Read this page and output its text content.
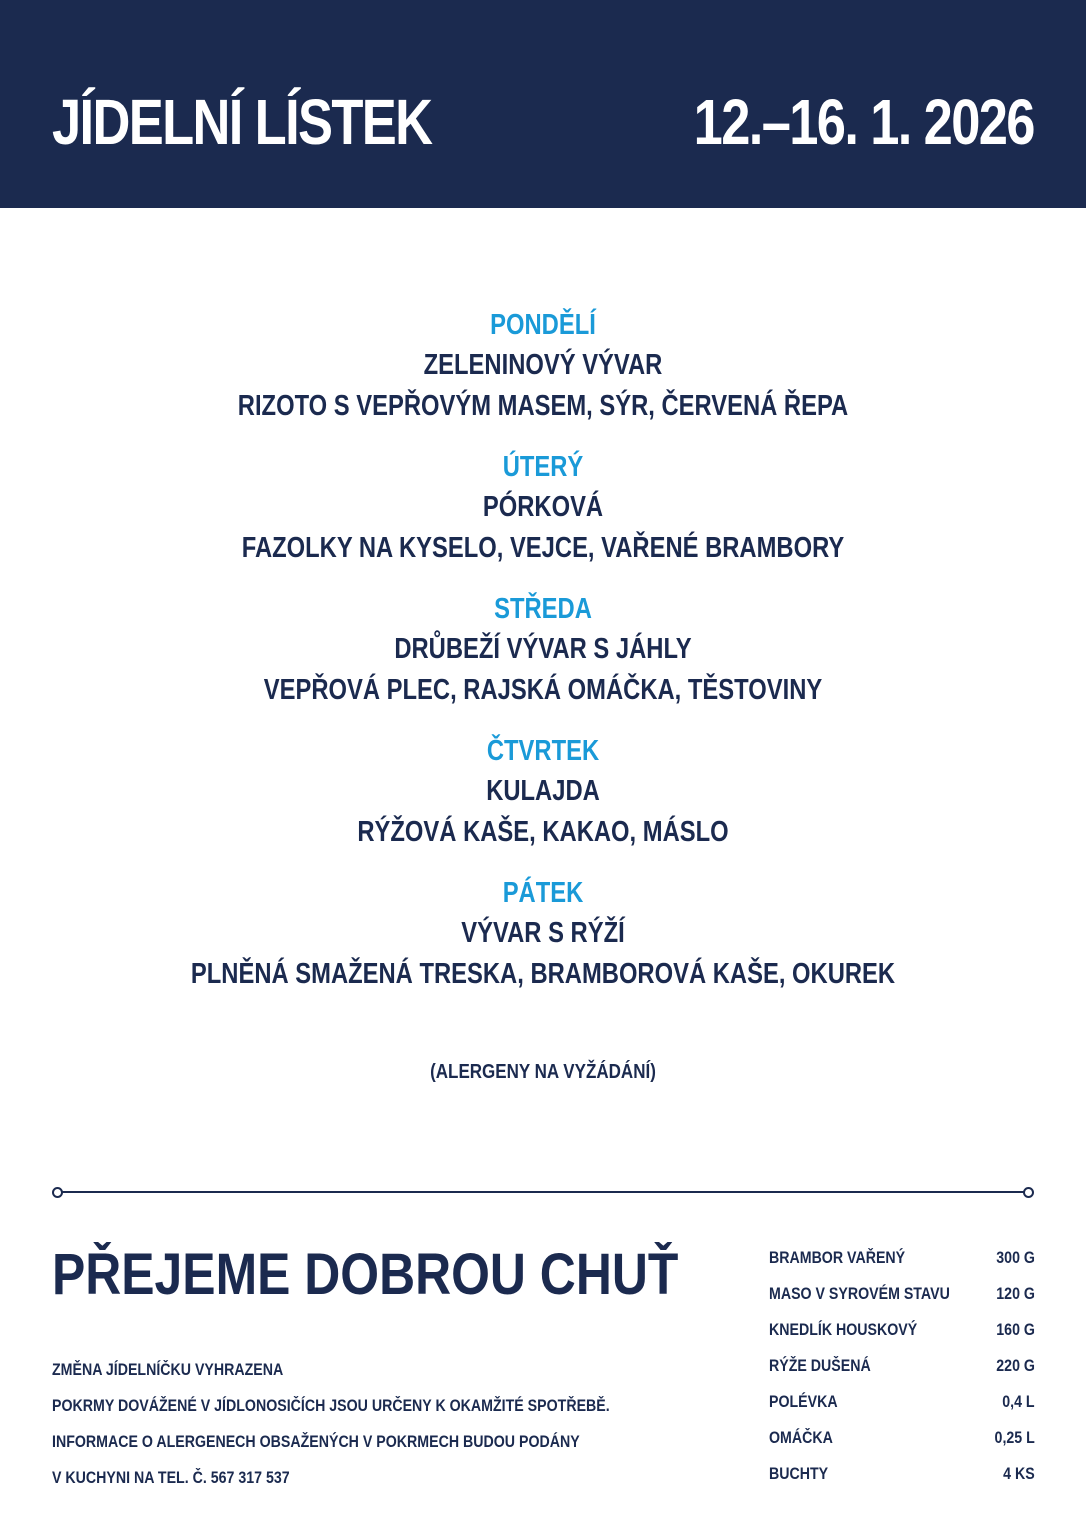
JÍDELNÍ LÍSTEK	12.–16. 1. 2026
PONDĚLÍ
ZELENINOVÝ VÝVAR
RIZOTO S VEPŘOVÝM MASEM, SÝR, ČERVENÁ ŘEPA
ÚTERÝ
PÓRKOVÁ
FAZOLKY NA KYSELO, VEJCE, VAŘENÉ BRAMBORY
STŘEDA
DRŮBEŽÍ VÝVAR S JÁHLY
VEPŘOVÁ PLEC, RAJSKÁ OMÁČKA, TĚSTOVINY
ČTVRTEK
KULAJDA
RÝŽOVÁ KAŠE, KAKAO, MÁSLO
PÁTEK
VÝVAR S RÝŽÍ
PLNĚNÁ SMAŽENÁ TRESKA, BRAMBOROVÁ KAŠE, OKUREK
(ALERGENY NA VYŽÁDÁNÍ)
PŘEJEME DOBROU CHUŤ
ZMĚNA JÍDELNÍČKU VYHRAZENA
POKRMY DOVÁŽENÉ V JÍDLONOSIČÍCH JSOU URČENY K OKAMŽITÉ SPOTŘEBĚ.
INFORMACE O ALERGENECH OBSAŽENÝCH V POKRMECH BUDOU PODÁNY
V KUCHYNI NA TEL. Č. 567 317 537
BRAMBOR VAŘENÝ	300 G
MASO V SYROVÉM STAVU	120 G
KNEDLÍK HOUSKOVÝ	160 G
RÝŽE DUŠENÁ	220 G
POLÉVKA	0,4 L
OMÁČKA	0,25 L
BUCHTY	4 KS
